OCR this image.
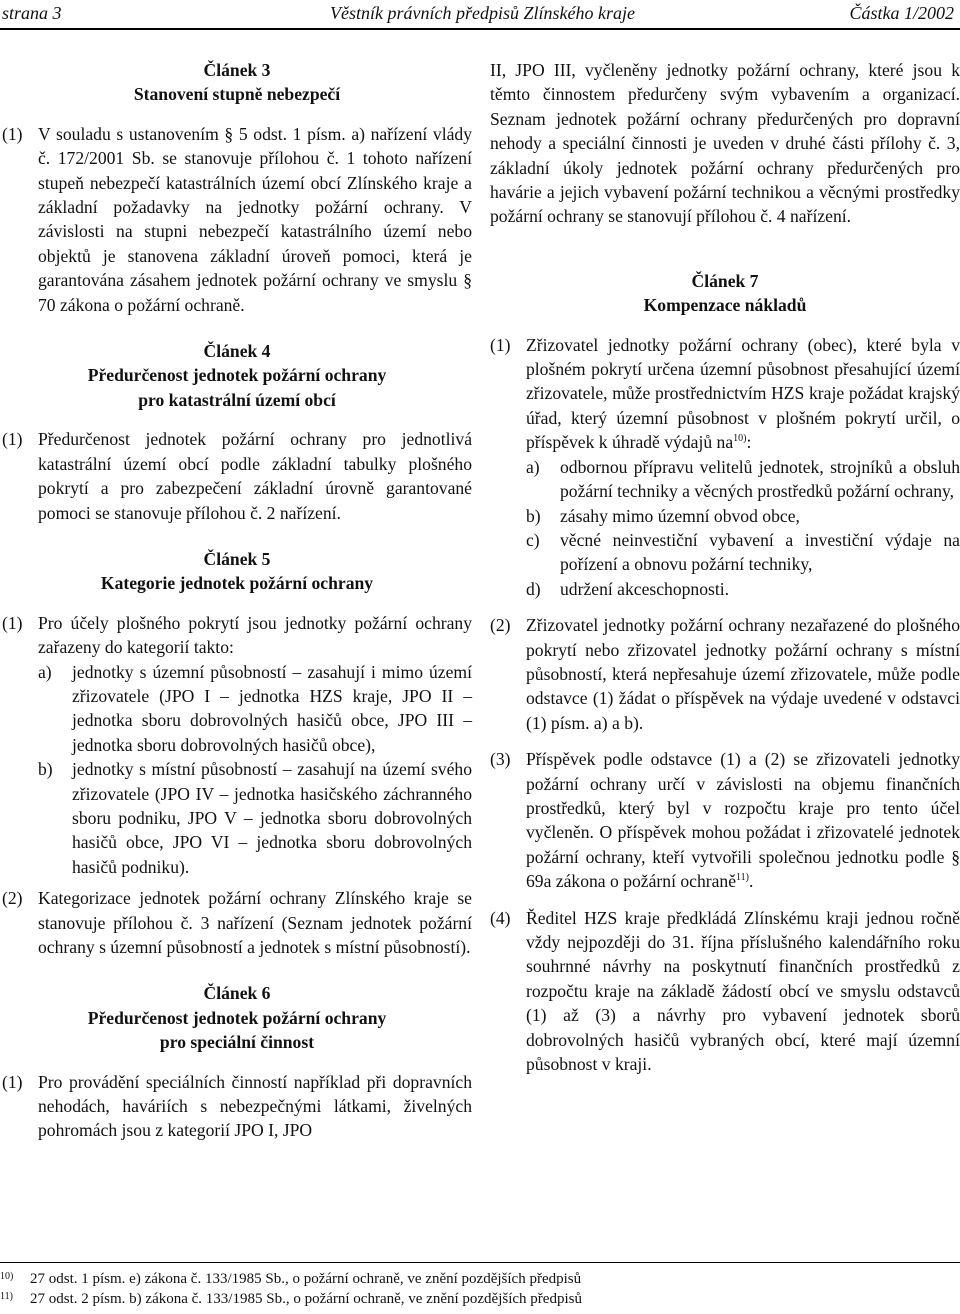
strana 3	Věstník právních předpisů Zlínského kraje	Částka 1/2002
Článek 3
Stanovení stupně nebezpečí
(1) V souladu s ustanovením § 5 odst. 1 písm. a) nařízení vlády č. 172/2001 Sb. se stanovuje přílohou č. 1 tohoto nařízení stupeň nebezpečí katastrálních území obcí Zlínského kraje a základní požadavky na jednotky požární ochrany. V závislosti na stupni nebezpečí katastrálního území nebo objektů je stanovena základní úroveň pomoci, která je garantována zásahem jednotek požární ochrany ve smyslu § 70 zákona o požární ochraně.
Článek 4
Předurčenost jednotek požární ochrany
pro katastrální území obcí
(1) Předurčenost jednotek požární ochrany pro jednotlivá katastrální území obcí podle základní tabulky plošného pokrytí a pro zabezpečení základní úrovně garantované pomoci se stanovuje přílohou č. 2 nařízení.
Článek 5
Kategorie jednotek požární ochrany
(1) Pro účely plošného pokrytí jsou jednotky požární ochrany zařazeny do kategorií takto:
a) jednotky s územní působností – zasahují i mimo území zřizovatele (JPO I – jednotka HZS kraje, JPO II – jednotka sboru dobrovolných hasičů obce, JPO III – jednotka sboru dobrovolných hasičů obce),
b) jednotky s místní působností – zasahují na území svého zřizovatele (JPO IV – jednotka hasičského záchranného sboru podniku, JPO V – jednotka sboru dobrovolných hasičů obce, JPO VI – jednotka sboru dobrovolných hasičů podniku).
(2) Kategorizace jednotek požární ochrany Zlínského kraje se stanovuje přílohou č. 3 nařízení (Seznam jednotek požární ochrany s územní působností a jednotek s místní působností).
Článek 6
Předurčenost jednotek požární ochrany
pro speciální činnost
(1) Pro provádění speciálních činností například při dopravních nehodách, haváriích s nebezpečnými látkami, živelných pohromách jsou z kategorií JPO I, JPO

II, JPO III, vyčleněny jednotky požární ochrany, které jsou k těmto činnostem předurčeny svým vybavením a organizací. Seznam jednotek požární ochrany předurčených pro dopravní nehody a speciální činnosti je uveden v druhé části přílohy č. 3, základní úkoly jednotek požární ochrany předurčených pro havárie a jejich vybavení požární technikou a věcnými prostředky požární ochrany se stanovují přílohou č. 4 nařízení.

Článek 7
Kompenzace nákladů
(1) Zřizovatel jednotky požární ochrany (obec), které byla v plošném pokrytí určena územní působnost přesahující území zřizovatele, může prostřednictvím HZS kraje požádat krajský úřad, který územní působnost v plošném pokrytí určil, o příspěvek k úhradě výdajů $na^{10)}$:
a) odbornou přípravu velitelů jednotek, strojníků a obsluh požární techniky a věcných prostředků požární ochrany,
b) zásahy mimo územní obvod obce,
c) věcné neinvestiční vybavení a investiční výdaje na pořízení a obnovu požární techniky,
d) udržení akceschopnosti.
(2) Zřizovatel jednotky požární ochrany nezařazené do plošného pokrytí nebo zřizovatel jednotky požární ochrany s místní působností, která nepřesahuje území zřizovatele, může podle odstavce (1) žádat o příspěvek na výdaje uvedené v odstavci (1) písm. a) a b).
(3) Příspěvek podle odstavce (1) a (2) se zřizovateli jednotky požární ochrany určí v závislosti na objemu finančních prostředků, který byl v rozpočtu kraje pro tento účel vyčleněn. O příspěvek mohou požádat i zřizovatelé jednotek požární ochrany, kteří vytvořili společnou jednotku podle § 69a zákona o požární ochraně$^{11)}$.
(4) Ředitel HZS kraje předkládá Zlínskému kraji jednou ročně vždy nejpozději do 31. října příslušného kalendářního roku souhrnné návrhy na poskytnutí finančních prostředků z rozpočtu kraje na základě žádostí obcí ve smyslu odstavců (1) až (3) a návrhy pro vybavení jednotek sborů dobrovolných hasičů vybraných obcí, které mají územní působnost v kraji.
10) 27 odst. 1 písm. e) zákona č. 133/1985 Sb., o požární ochraně, ve znění pozdějších předpisů
11) 27 odst. 2 písm. b) zákona č. 133/1985 Sb., o požární ochraně, ve znění pozdějších předpisů
